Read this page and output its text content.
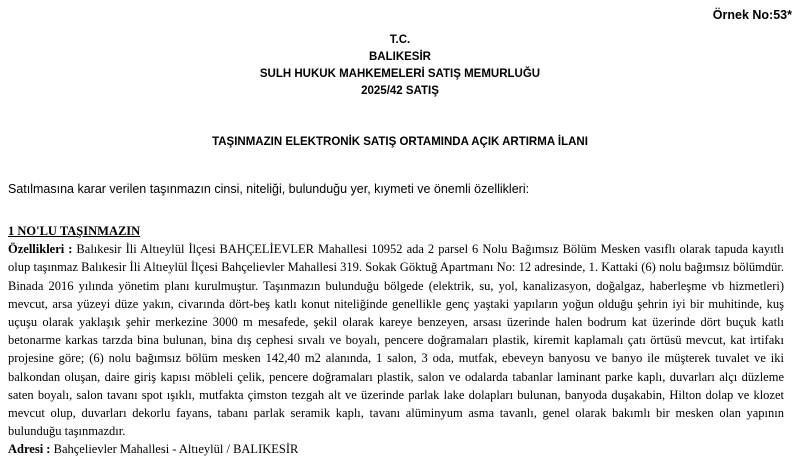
Örnek No:53*
T.C.
BALIKESİR
SULH HUKUK MAHKEMELERİ SATIŞ MEMURLUĞU
2025/42 SATIŞ
TAŞINMAZIN ELEKTRONİK SATIŞ ORTAMINDA AÇIK ARTIRMA İLANI
Satılmasına karar verilen taşınmazın cinsi, niteliği, bulunduğu yer, kıymeti ve önemli özellikleri:
1 NO'LU TAŞINMAZIN
Özellikleri : Balıkesir İli Altıeylül İlçesi BAHÇELİEVLER Mahallesi 10952 ada 2 parsel 6 Nolu Bağımsız Bölüm Mesken vasıflı olarak tapuda kayıtlı olup taşınmaz Balıkesir İli Altıeylül İlçesi Bahçelievler Mahallesi 319. Sokak Göktuğ Apartmanı No: 12 adresinde, 1. Kattaki (6) nolu bağımsız bölümdür. Binada 2016 yılında yönetim planı kurulmuştur. Taşınmazın bulunduğu bölgede (elektrik, su, yol, kanalizasyon, doğalgaz, haberleşme vb hizmetleri) mevcut, arsa yüzeyi düze yakın, civarında dört-beş katlı konut niteliğinde genellikle genç yaştaki yapıların yoğun olduğu şehrin iyi bir muhitinde, kuş uçuşu olarak yaklaşık şehir merkezine 3000 m mesafede, şekil olarak kareye benzeyen, arsası üzerinde halen bodrum kat üzerinde dört buçuk katlı betonarme karkas tarzda bina bulunan, bina dış cephesi sıvalı ve boyalı, pencere doğramaları plastik, kiremit kaplamalı çatı örtüsü mevcut, kat irtifakı projesine göre; (6) nolu bağımsız bölüm mesken 142,40 m2 alanında, 1 salon, 3 oda, mutfak, ebeveyn banyosu ve banyo ile müşterek tuvalet ve iki balkondan oluşan, daire giriş kapısı möbleli çelik, pencere doğramaları plastik, salon ve odalarda tabanlar laminant parke kaplı, duvarları alçı düzleme saten boyalı, salon tavanı spot ışıklı, mutfakta çimston tezgah alt ve üzerinde parlak lake dolapları bulunan, banyoda duşakabin, Hilton dolap ve klozet mevcut olup, duvarları dekorlu fayans, tabanı parlak seramik kaplı, tavanı alüminyum asma tavanlı, genel olarak bakımlı bir mesken olan yapının bulunduğu taşınmazdır.
Adresi : Bahçelievler Mahallesi - Altıeylül / BALIKESİR
